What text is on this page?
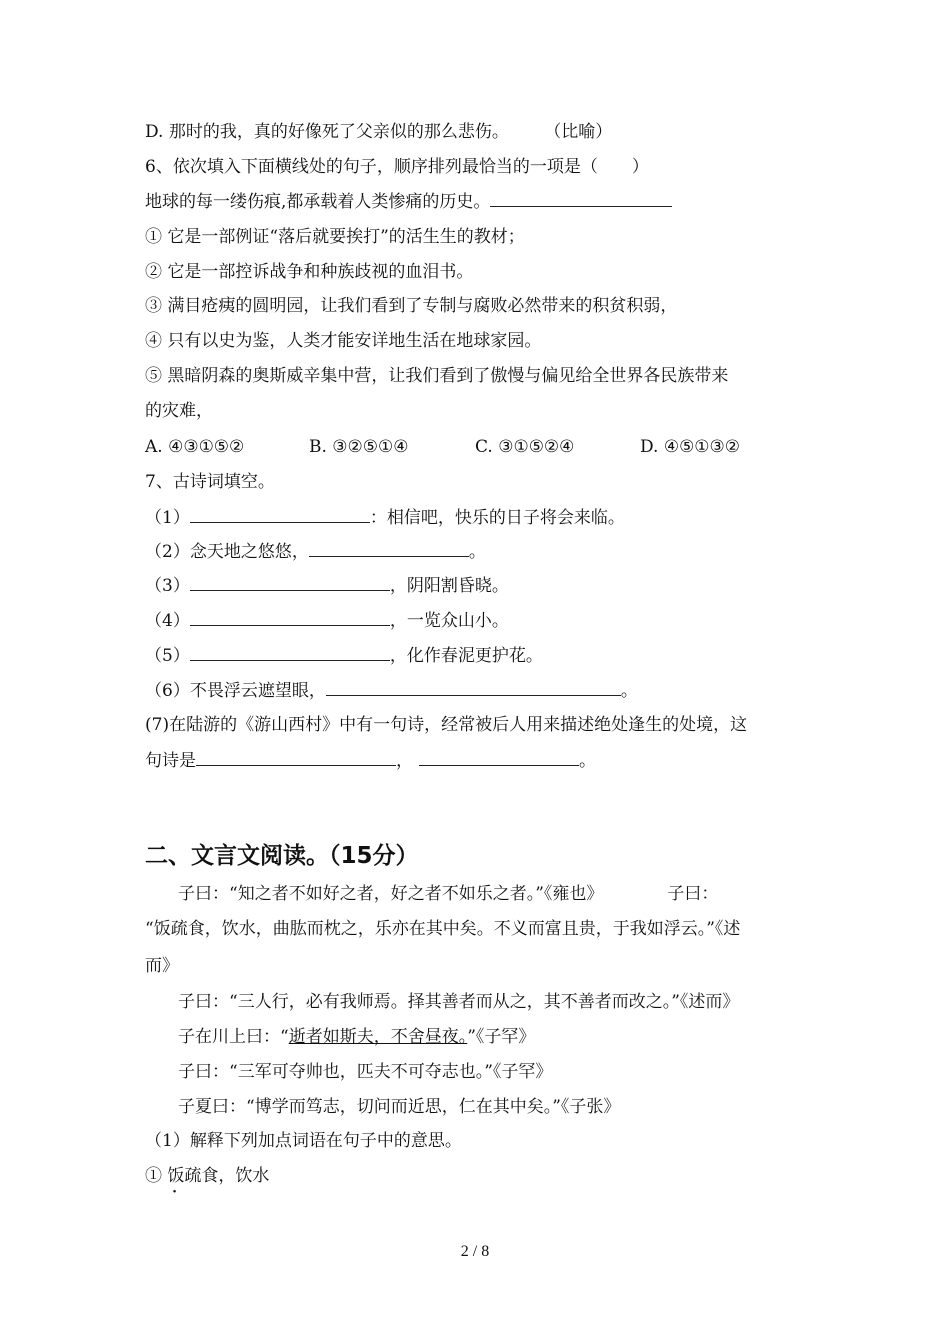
D. 那时的我，真的好像死了父亲似的那么悲伤。 （比喻）
6、依次填入下面横线处的句子，顺序排列最恰当的一项是（　　）
地球的每一缕伤痕,都承载着人类惨痛的历史。
① 它是一部例证“落后就要挨打”的活生生的教材；
② 它是一部控诉战争和种族歧视的血泪书。
③ 满目疮痍的圆明园，让我们看到了专制与腐败必然带来的积贫积弱，
④ 只有以史为鉴，人类才能安详地生活在地球家园。
⑤ 黑暗阴森的奥斯威辛集中营，让我们看到了傲慢与偏见给全世界各民族带来
的灾难，
A. ④③①⑤②	B. ③②⑤①④	C. ③①⑤②④	D. ④⑤①③②
7、古诗词填空。
（1）	：相信吧，快乐的日子将会来临。
（2）念天地之悠悠，	。
（3）	，阴阳割昏晓。
（4）	，一览众山小。
（5）	，化作春泥更护花。
（6）不畏浮云遮望眼，	。
(7)在陆游的《游山西村》中有一句诗，经常被后人用来描述绝处逢生的处境，这
句诗是	，	。
二、文言文阅读。（15分）
子曰：“知之者不如好之者，好之者不如乐之者。”《雍也》	子曰：
“饭疏食，饮水，曲肱而枕之，乐亦在其中矣。不义而富且贵，于我如浮云。”《述
而》
子曰：“三人行，必有我师焉。择其善者而从之，其不善者而改之。”《述而》
子在川上曰：“逝者如斯夫，不舍昼夜。”《子罕》
子曰：“三军可夺帅也，匹夫不可夺志也。”《子罕》
子夏曰：“博学而笃志，切问而近思，仁在其中矣。”《子张》
（1）解释下列加点词语在句子中的意思。
① 饭疏食，饮水
2 / 8
